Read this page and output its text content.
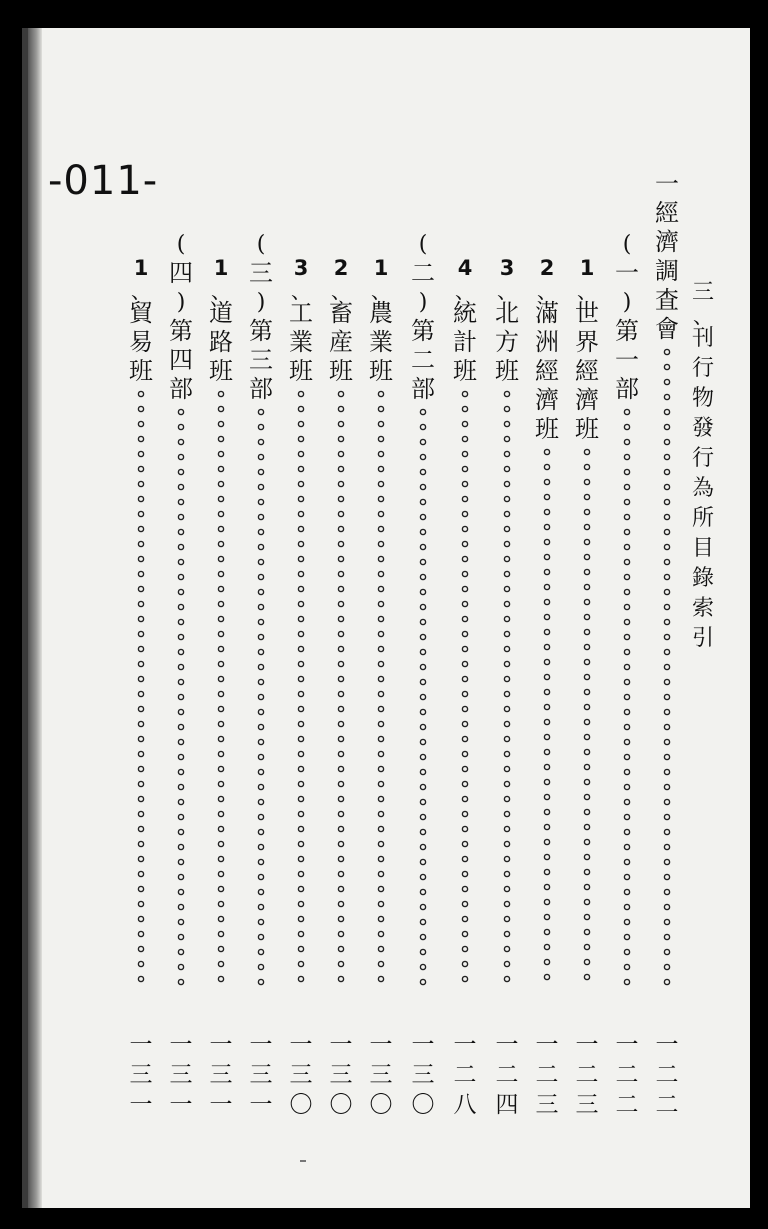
-011-
三
、
刊
行
物
發
行
為
所
目
錄
索
引
一
經
濟
調
査
會
一
二
二
(
一
)
第
一
部
一
二
二
1
、
世
界
經
濟
班
一
二
三
2
、
滿
洲
經
濟
班
一
二
三
3
、
北
方
班
一
二
四
4
、
統
計
班
一
二
八
(
二
)
第
二
部
一
三
〇
1
、
農
業
班
一
三
〇
2
、
畜
産
班
一
三
〇
3
、
工
業
班
一
三
〇
(
三
)
第
三
部
一
三
一
1
、
道
路
班
一
三
一
(
四
)
第
四
部
一
三
一
1
、
貿
易
班
一
三
一
